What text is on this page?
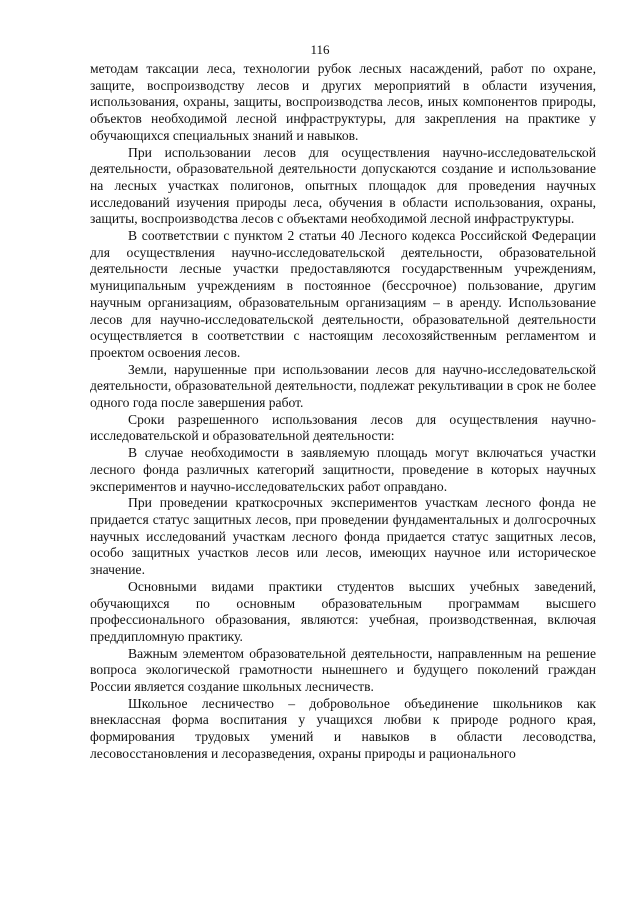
116

методам таксации леса, технологии рубок лесных насаждений, работ по охране, защите, воспроизводству лесов и других мероприятий в области изучения, использования, охраны, защиты, воспроизводства лесов, иных компонентов природы, объектов необходимой лесной инфраструктуры, для закрепления на практике у обучающихся специальных знаний и навыков.

При использовании лесов для осуществления научно-исследовательской деятельности, образовательной деятельности допускаются создание и использование на лесных участках полигонов, опытных площадок для проведения научных исследований изучения природы леса, обучения в области использования, охраны, защиты, воспроизводства лесов с объектами необходимой лесной инфраструктуры.

В соответствии с пунктом 2 статьи 40 Лесного кодекса Российской Федерации для осуществления научно-исследовательской деятельности, образовательной деятельности лесные участки предоставляются государственным учреждениям, муниципальным учреждениям в постоянное (бессрочное) пользование, другим научным организациям, образовательным организациям – в аренду. Использование лесов для научно-исследовательской деятельности, образовательной деятельности осуществляется в соответствии с настоящим лесохозяйственным регламентом и проектом освоения лесов.

Земли, нарушенные при использовании лесов для научно-исследовательской деятельности, образовательной деятельности, подлежат рекультивации в срок не более одного года после завершения работ.

Сроки разрешенного использования лесов для осуществления научно-исследовательской и образовательной деятельности:

В случае необходимости в заявляемую площадь могут включаться участки лесного фонда различных категорий защитности, проведение в которых научных экспериментов и научно-исследовательских работ оправдано.

При проведении краткосрочных экспериментов участкам лесного фонда не придается статус защитных лесов, при проведении фундаментальных и долгосрочных научных исследований участкам лесного фонда придается статус защитных лесов, особо защитных участков лесов или лесов, имеющих научное или историческое значение.

Основными видами практики студентов высших учебных заведений, обучающихся по основным образовательным программам высшего профессионального образования, являются: учебная, производственная, включая преддипломную практику.

Важным элементом образовательной деятельности, направленным на решение вопроса экологической грамотности нынешнего и будущего поколений граждан России является создание школьных лесничеств.

Школьное лесничество – добровольное объединение школьников как внеклассная форма воспитания у учащихся любви к природе родного края, формирования трудовых умений и навыков в области лесоводства, лесовосстановления и лесоразведения, охраны природы и рационального
